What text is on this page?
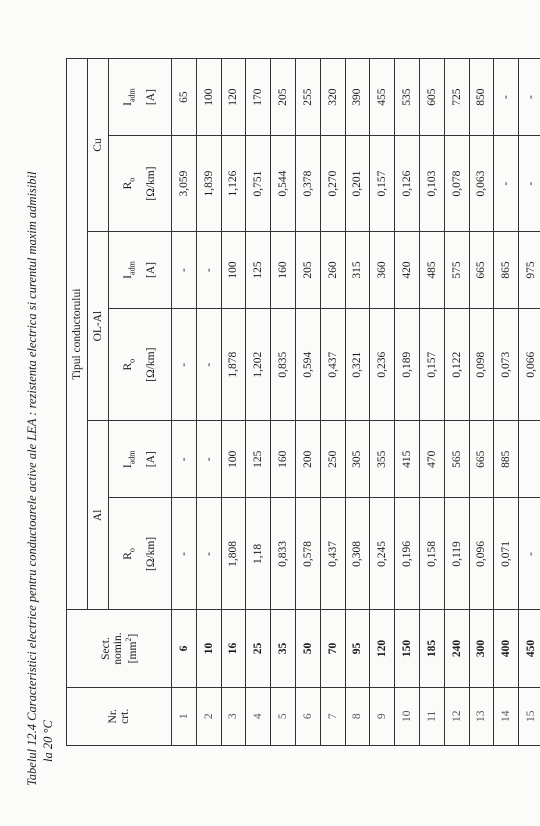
Tabelul 12.4 Caracteristici electrice pentru conductoarele active ale LEA : rezistenta electrica si curentul maxim admisibil la 20 °C
Nr. crt.	Sect. nomin. $[mm^2]$	Tipul conductorului					
		Al		OL-Al		Cu	

		$R_o$ [Ω/km]	$I_{adm}$ [A]	$R_o$ [Ω/km]	$I_{adm}$ [A]	$R_o$ [Ω/km]	$I_{adm}$ [A]

1	6	-	-	-	-	3,059	65
2	10	-	-	-	-	1,839	100
3	16	1,808	100	1,878	100	1,126	120
4	25	1,18	125	1,202	125	0,751	170
5	35	0,833	160	0,835	160	0,544	205
6	50	0,578	200	0,594	205	0,378	255
7	70	0,437	250	0,437	260	0,270	320
8	95	0,308	305	0,321	315	0,201	390
9	120	0,245	355	0,236	360	0,157	455
10	150	0,196	415	0,189	420	0,126	535
11	185	0,158	470	0,157	485	0,103	605
12	240	0,119	565	0,122	575	0,078	725
13	300	0,096	665	0,098	665	0,063	850
14	400	0,071	885	0,073	865	-	-
15	450	-		0,066	975	-	-
